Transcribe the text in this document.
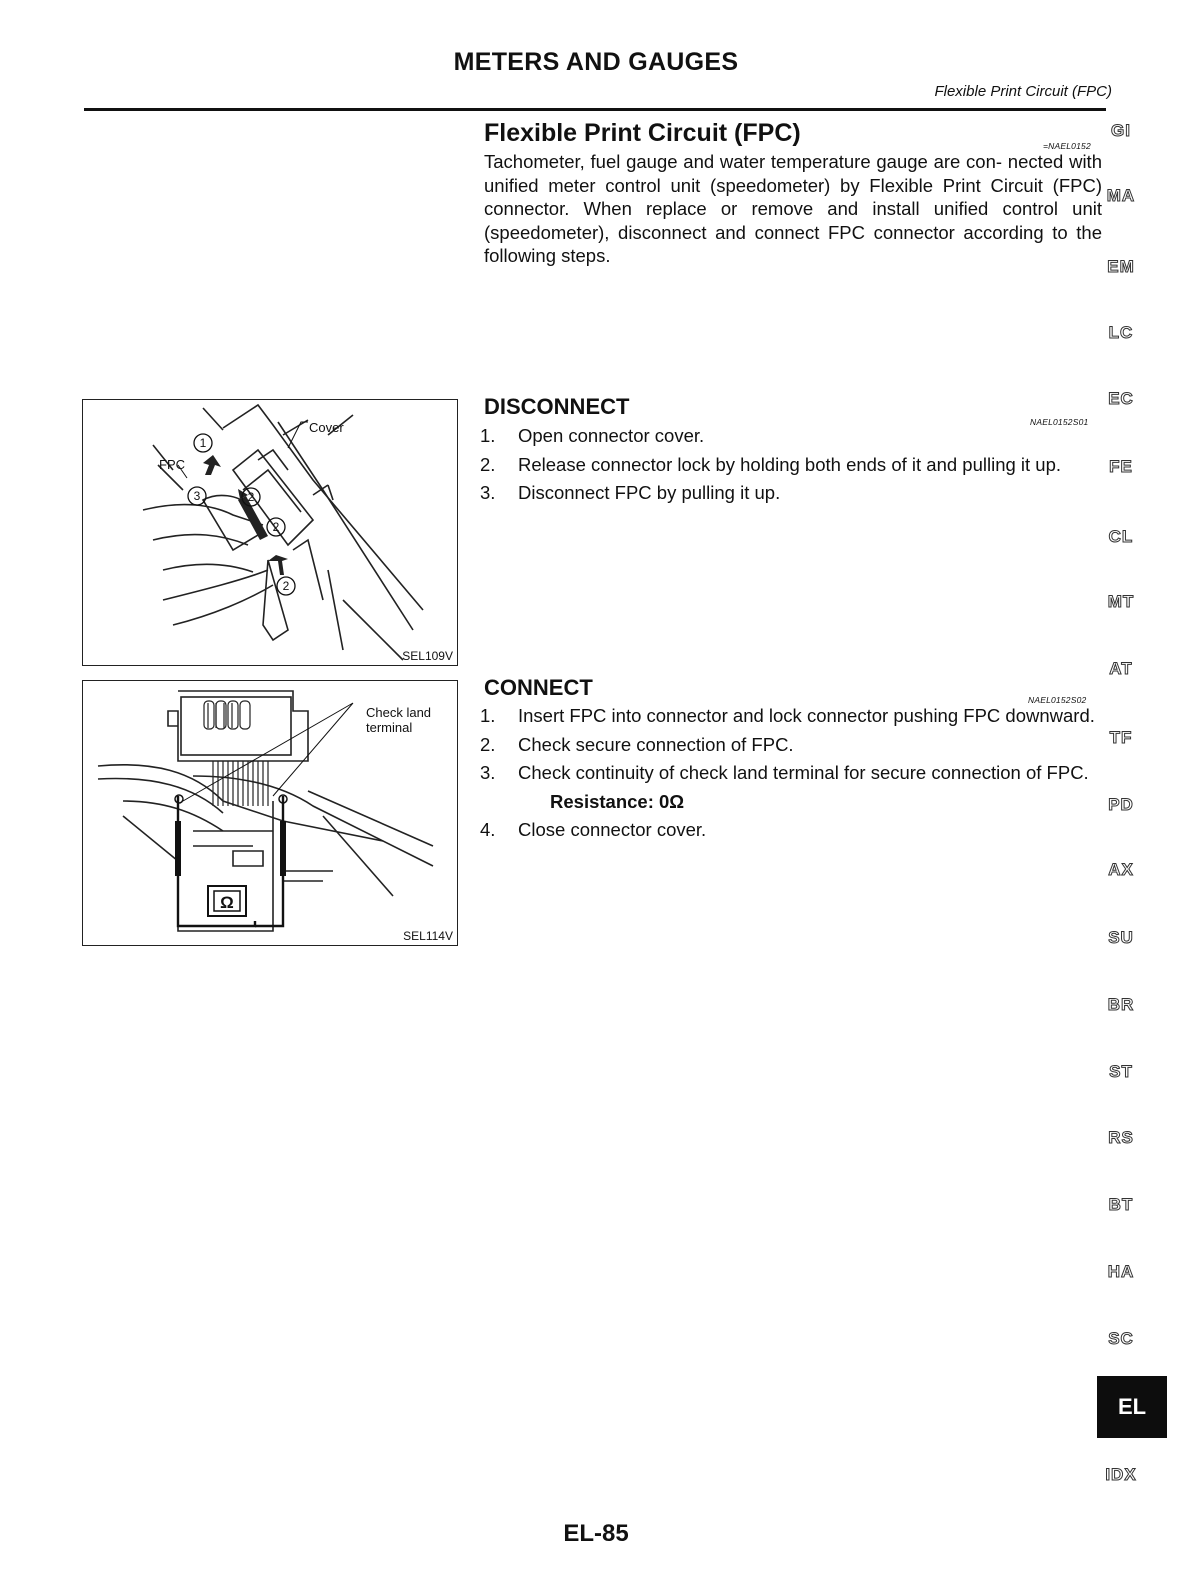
METERS AND GAUGES
Flexible Print Circuit (FPC)
Flexible Print Circuit (FPC)	=NAEL0152
Tachometer, fuel gauge and water temperature gauge are con- nected with unified meter control unit (speedometer) by Flexible Print Circuit (FPC) connector. When replace or remove and install unified control unit (speedometer), disconnect and connect FPC connector according to the following steps.
DISCONNECT
NAEL0152S01
1. Open connector cover.
2. Release connector lock by holding both ends of it and pulling it up.
3. Disconnect FPC by pulling it up.
CONNECT	NAEL0152S02
1. Insert FPC into connector and lock connector pushing FPC downward.
2. Check secure connection of FPC.
3. Check continuity of check land terminal for secure connection of FPC.
Resistance: 0Ω
4. Close connector cover.
1
3	2
2
2
Cover
FPC
SEL109V
Ω
Check land terminal
SEL114V
GI
MA
EM
LC
EC
FE
CL
MT
AT
TF
PD
AX
SU
BR
ST
RS
BT
HA
SC
EL
IDX
EL-85
